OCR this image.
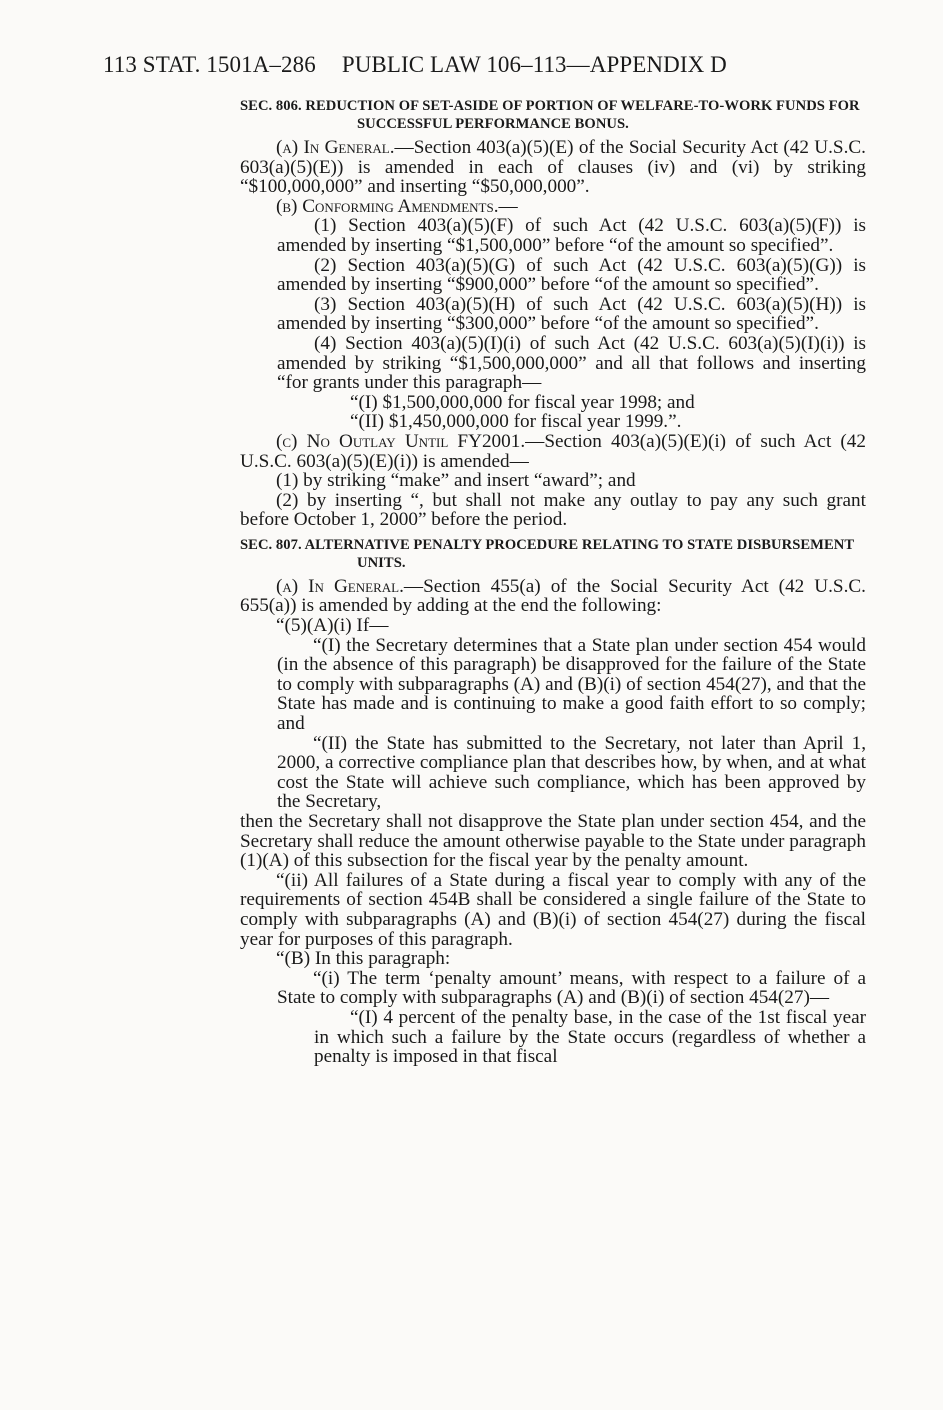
113 STAT. 1501A–286 PUBLIC LAW 106–113—APPENDIX D
SEC. 806. REDUCTION OF SET-ASIDE OF PORTION OF WELFARE-TO-WORK FUNDS FOR SUCCESSFUL PERFORMANCE BONUS.

(a) In General.—Section 403(a)(5)(E) of the Social Security Act (42 U.S.C. 603(a)(5)(E)) is amended in each of clauses (iv) and (vi) by striking “$100,000,000” and inserting “$50,000,000”.

(b) Conforming Amendments.—

(1) Section 403(a)(5)(F) of such Act (42 U.S.C. 603(a)(5)(F)) is amended by inserting “$1,500,000” before “of the amount so specified”.

(2) Section 403(a)(5)(G) of such Act (42 U.S.C. 603(a)(5)(G)) is amended by inserting “$900,000” before “of the amount so specified”.

(3) Section 403(a)(5)(H) of such Act (42 U.S.C. 603(a)(5)(H)) is amended by inserting “$300,000” before “of the amount so specified”.

(4) Section 403(a)(5)(I)(i) of such Act (42 U.S.C. 603(a)(5)(I)(i)) is amended by striking “$1,500,000,000” and all that follows and inserting “for grants under this paragraph—

“(I) $1,500,000,000 for fiscal year 1998; and

“(II) $1,450,000,000 for fiscal year 1999.”.

(c) No Outlay Until FY2001.—Section 403(a)(5)(E)(i) of such Act (42 U.S.C. 603(a)(5)(E)(i)) is amended—

(1) by striking “make” and insert “award”; and

(2) by inserting “, but shall not make any outlay to pay any such grant before October 1, 2000” before the period.

SEC. 807. ALTERNATIVE PENALTY PROCEDURE RELATING TO STATE DISBURSEMENT UNITS.

(a) In General.—Section 455(a) of the Social Security Act (42 U.S.C. 655(a)) is amended by adding at the end the following:

“(5)(A)(i) If—

“(I) the Secretary determines that a State plan under section 454 would (in the absence of this paragraph) be disapproved for the failure of the State to comply with subparagraphs (A) and (B)(i) of section 454(27), and that the State has made and is continuing to make a good faith effort to so comply; and

“(II) the State has submitted to the Secretary, not later than April 1, 2000, a corrective compliance plan that describes how, by when, and at what cost the State will achieve such compliance, which has been approved by the Secretary,

then the Secretary shall not disapprove the State plan under section 454, and the Secretary shall reduce the amount otherwise payable to the State under paragraph (1)(A) of this subsection for the fiscal year by the penalty amount.

“(ii) All failures of a State during a fiscal year to comply with any of the requirements of section 454B shall be considered a single failure of the State to comply with subparagraphs (A) and (B)(i) of section 454(27) during the fiscal year for purposes of this paragraph.

“(B) In this paragraph:

“(i) The term ‘penalty amount’ means, with respect to a failure of a State to comply with subparagraphs (A) and (B)(i) of section 454(27)—

“(I) 4 percent of the penalty base, in the case of the 1st fiscal year in which such a failure by the State occurs (regardless of whether a penalty is imposed in that fiscal
